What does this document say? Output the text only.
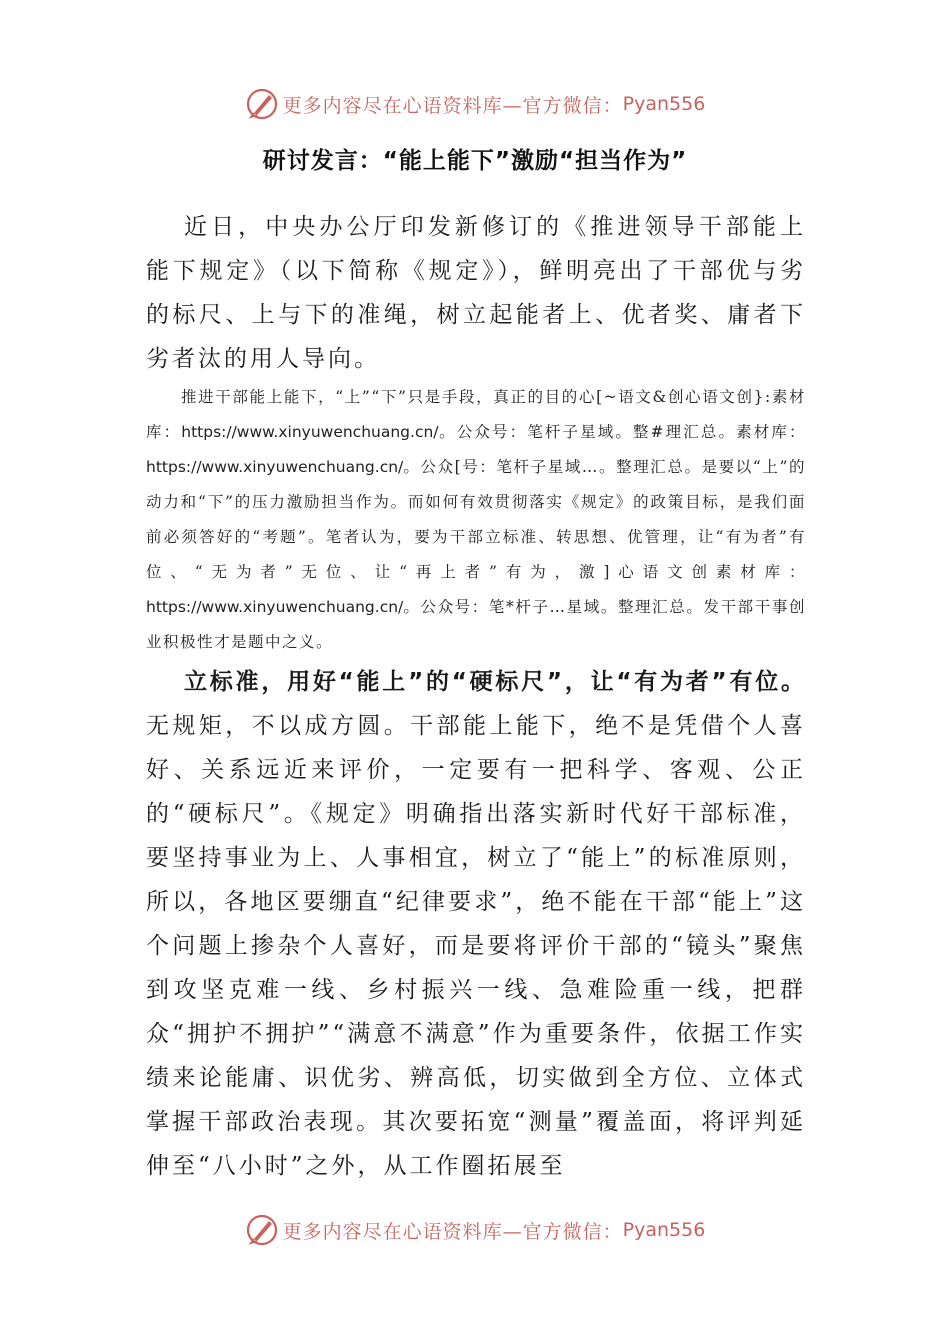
更多内容尽在心语资料库—官方微信： Pyan556
研讨发言：“能上能下”激励“担当作为”
近日，中央办公厅印发新修订的《推进领导干部能上能下规定》（以下简称《规定》），鲜明亮出了干部优与劣的标尺、上与下的准绳，树立起能者上、优者奖、庸者下劣者汰的用人导向。
推进干部能上能下，“上”“下”只是手段，真正的目的心[~语文&创心语文创}:素材库：https://www.xinyuwenchuang.cn/。公众号：笔杆子星域。整#理汇总。素材库：https://www.xinyuwenchuang.cn/。公众[号：笔杆子星域…。整理汇总。是要以“上”的动力和“下”的压力激励担当作为。而如何有效贯彻落实《规定》的政策目标，是我们面前必须答好的“考题”。笔者认为，要为干部立标准、转思想、优管理，让“有为者”有位、“无为者”无位、让“再上者”有为，激]心语文创素材库：https://www.xinyuwenchuang.cn/。公众号：笔*杆子…星域。整理汇总。发干部干事创业积极性才是题中之义。
立标准，用好“能上”的“硬标尺”，让“有为者”有位。无规矩，不以成方圆。干部能上能下，绝不是凭借个人喜好、关系远近来评价，一定要有一把科学、客观、公正的“硬标尺”。《规定》明确指出落实新时代好干部标准，要坚持事业为上、人事相宜，树立了“能上”的标准原则，所以，各地区要绷直“纪律要求”，绝不能在干部“能上”这个问题上掺杂个人喜好，而是要将评价干部的“镜头”聚焦到攻坚克难一线、乡村振兴一线、急难险重一线，把群众“拥护不拥护”“满意不满意”作为重要条件，依据工作实绩来论能庸、识优劣、辨高低，切实做到全方位、立体式掌握干部政治表现。其次要拓宽“测量”覆盖面，将评判延伸至“八小时”之外，从工作圈拓展至
更多内容尽在心语资料库—官方微信： Pyan556
